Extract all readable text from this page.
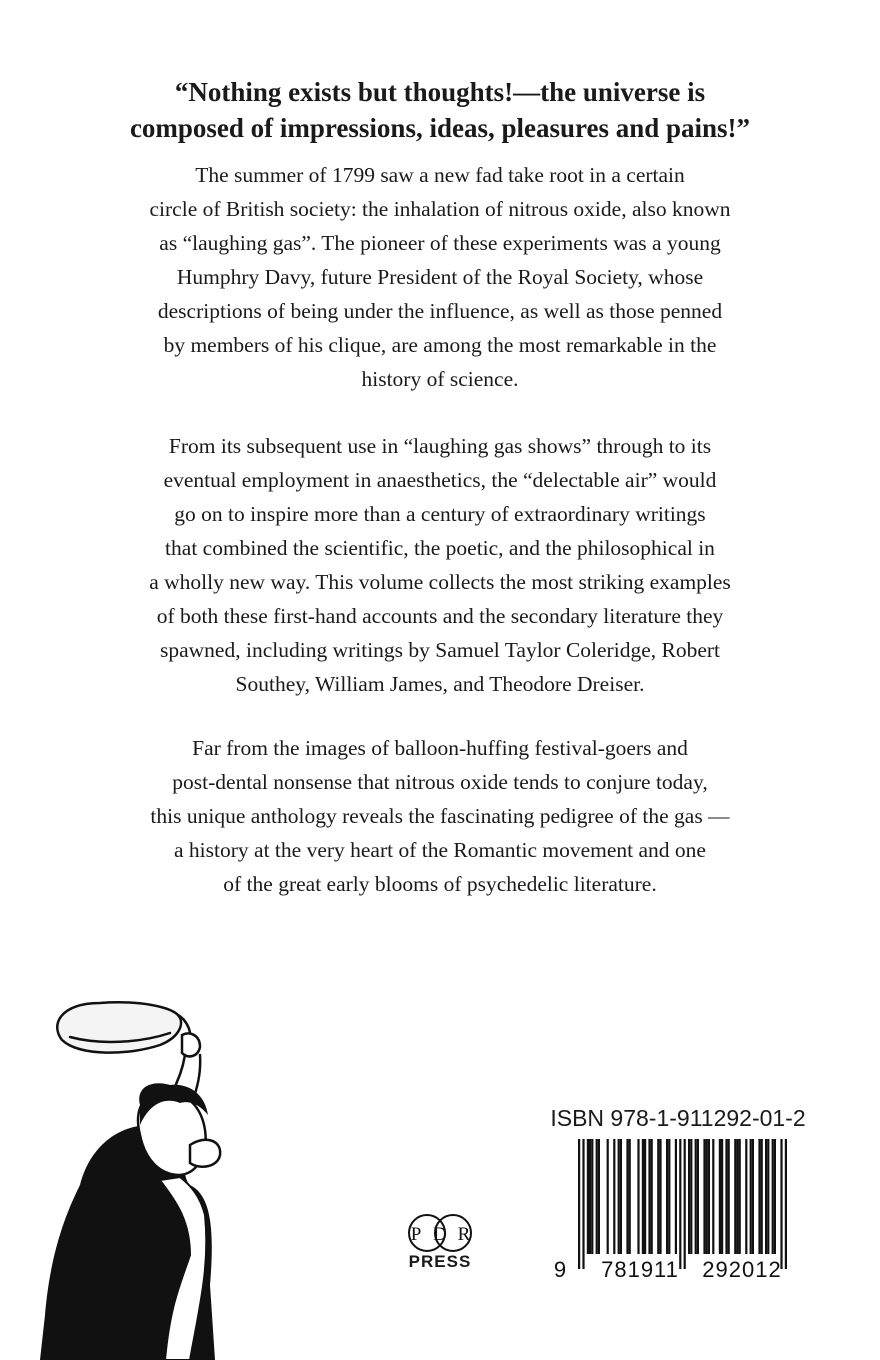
“Nothing exists but thoughts!—the universe is
composed of impressions, ideas, pleasures and pains!”
The summer of 1799 saw a new fad take root in a certain
circle of British society: the inhalation of nitrous oxide, also known
as “laughing gas”. The pioneer of these experiments was a young
Humphry Davy, future President of the Royal Society, whose
descriptions of being under the influence, as well as those penned
by members of his clique, are among the most remarkable in the
history of science.
From its subsequent use in “laughing gas shows” through to its
eventual employment in anaesthetics, the “delectable air” would
go on to inspire more than a century of extraordinary writings
that combined the scientific, the poetic, and the philosophical in
a wholly new way. This volume collects the most striking examples
of both these first-hand accounts and the secondary literature they
spawned, including writings by Samuel Taylor Coleridge, Robert
Southey, William James, and Theodore Dreiser.
Far from the images of balloon-huffing festival-goers and
post-dental nonsense that nitrous oxide tends to conjure today,
this unique anthology reveals the fascinating pedigree of the gas —
a history at the very heart of the Romantic movement and one
of the great early blooms of psychedelic literature.
P D R
PRESS
ISBN 978-1-911292-01-2
9 781911 292012
